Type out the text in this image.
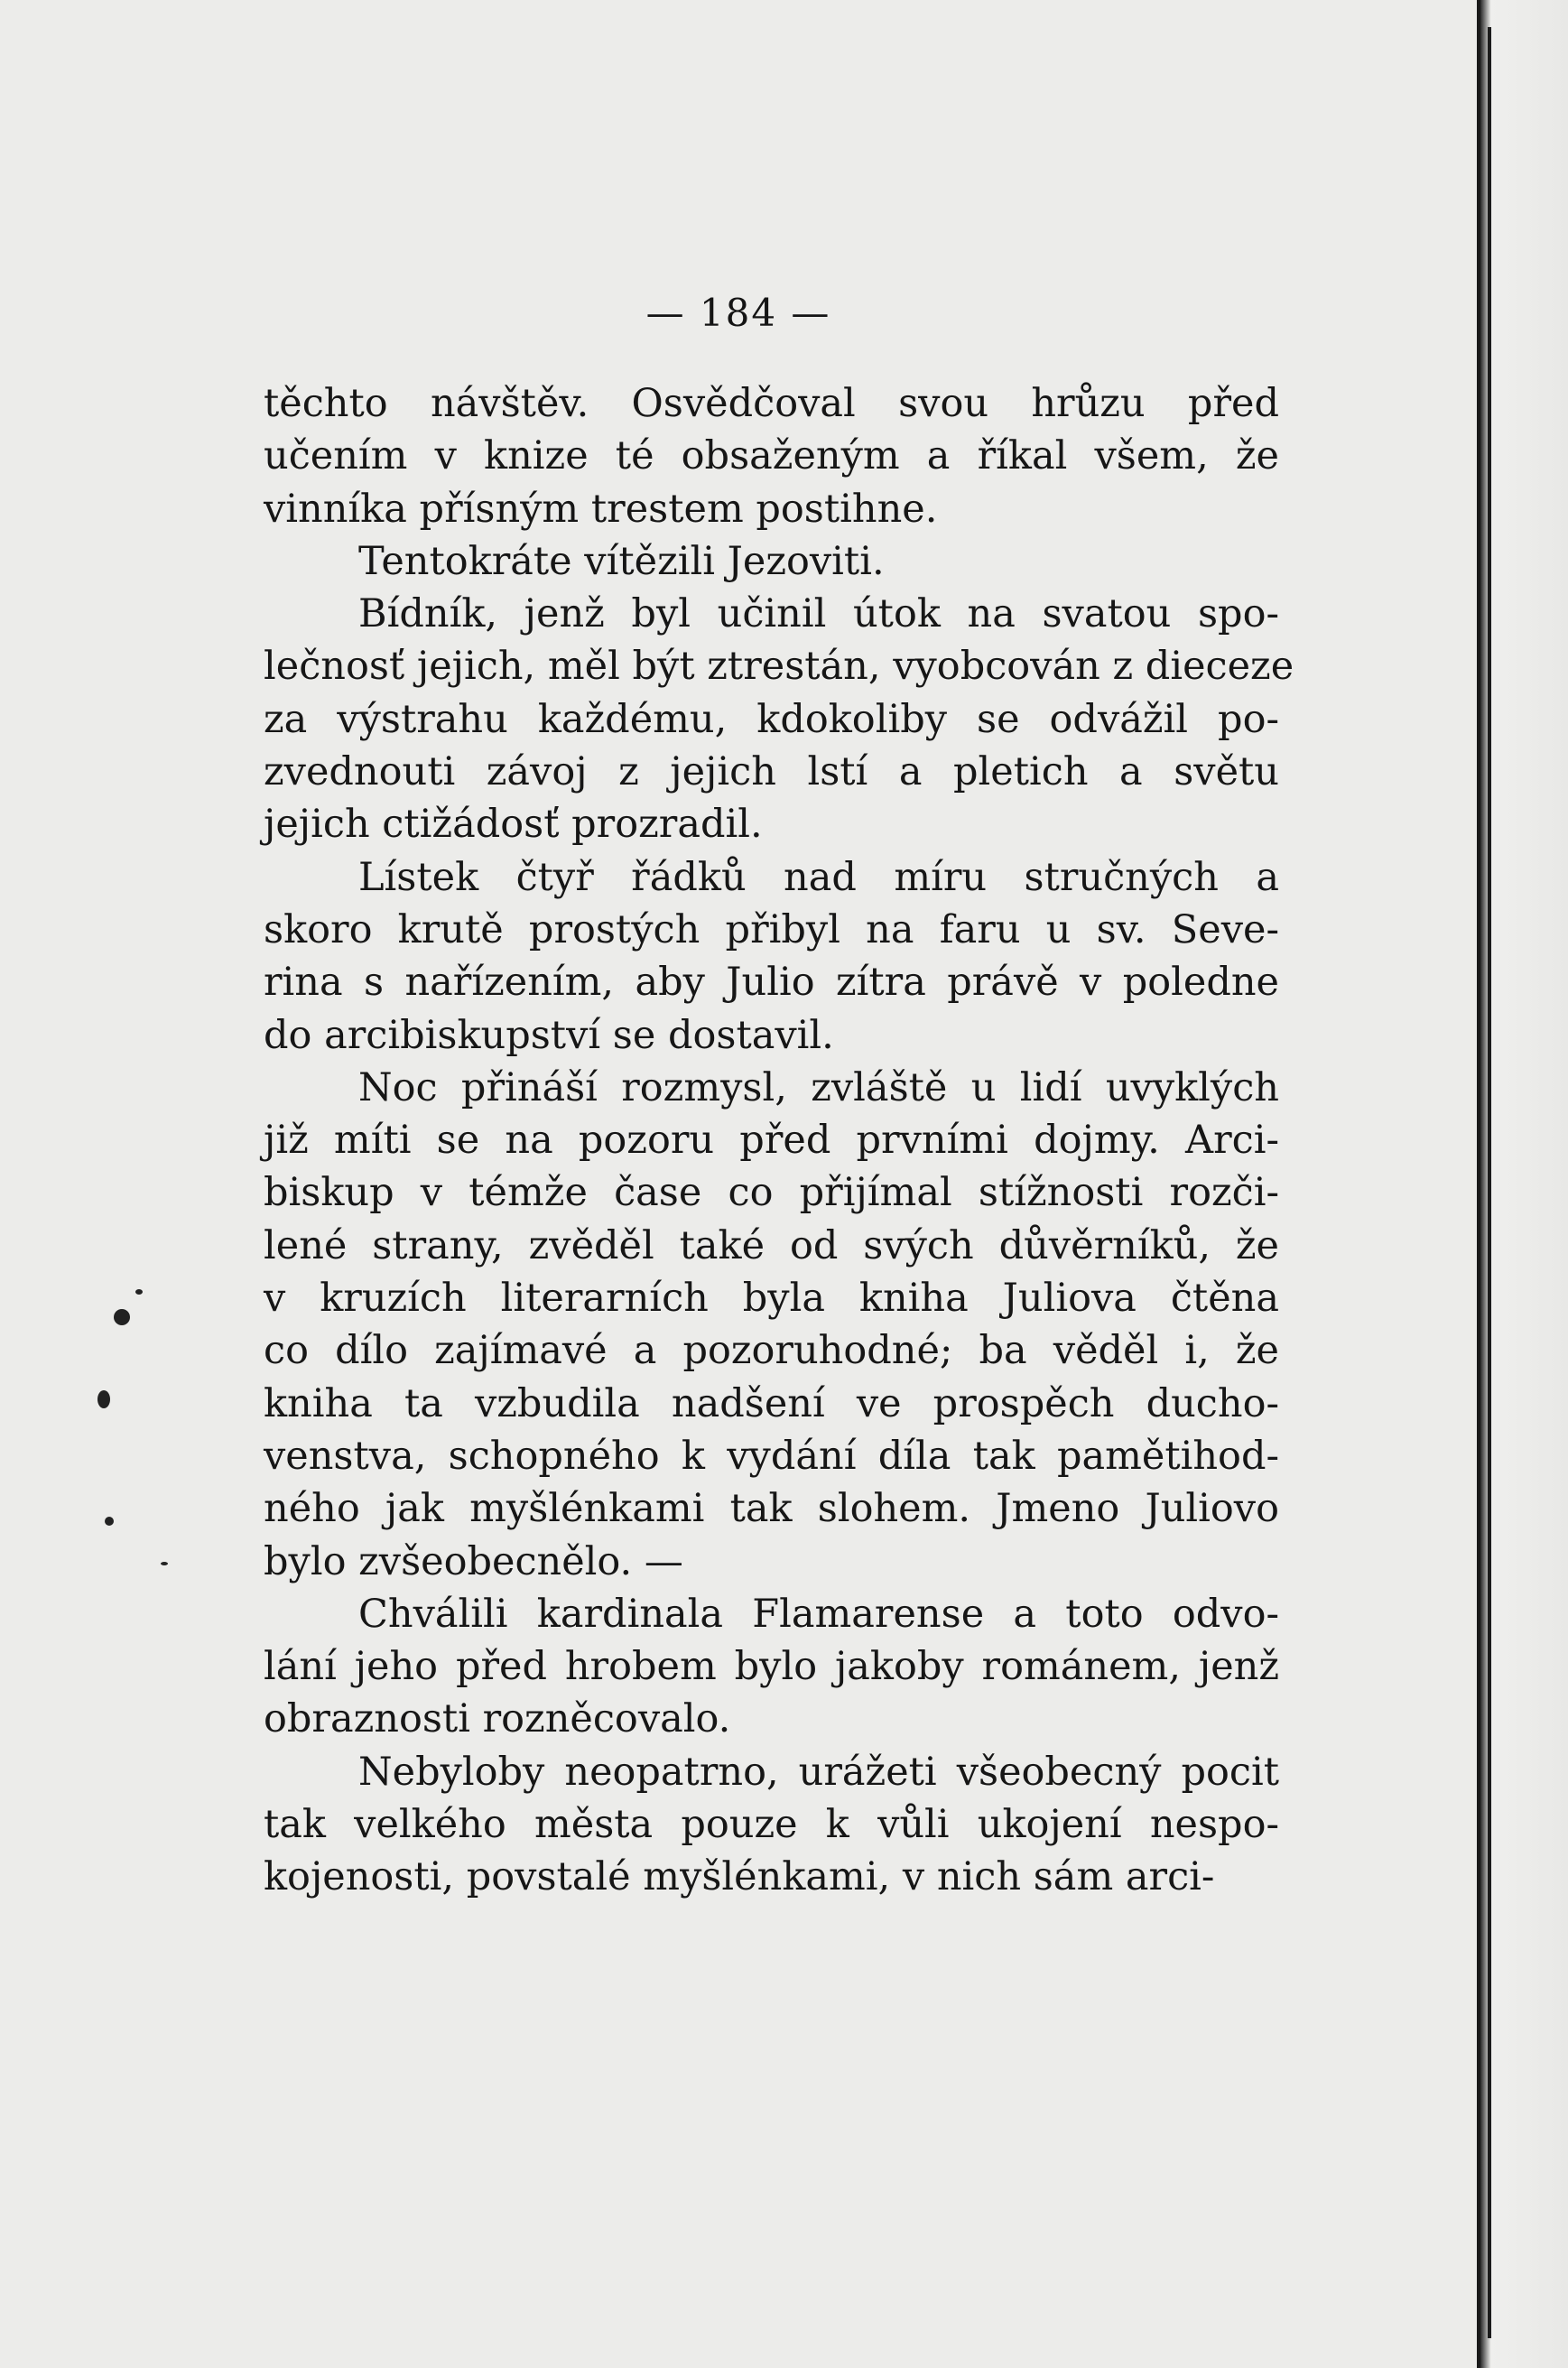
— 184 —
těchto návštěv. Osvědčoval svou hrůzu před
učením v knize té obsaženým a říkal všem, že
vinníka přísným trestem postihne.
Tentokráte vítězili Jezoviti.
Bídník, jenž byl učinil útok na svatou spo-
lečnosť jejich, měl být ztrestán, vyobcován z dieceze
za výstrahu každému, kdokoliby se odvážil po-
zvednouti závoj z jejich lstí a pletich a světu
jejich ctižádosť prozradil.
Lístek čtyř řádků nad míru stručných a
skoro krutě prostých přibyl na faru u sv. Seve-
rina s nařízením, aby Julio zítra právě v poledne
do arcibiskupství se dostavil.
Noc přináší rozmysl, zvláště u lidí uvyklých
již míti se na pozoru před prvními dojmy. Arci-
biskup v témže čase co přijímal stížnosti rozči-
lené strany, zvěděl také od svých důvěrníků, že
v kruzích literarních byla kniha Juliova čtěna
co dílo zajímavé a pozoruhodné; ba věděl i, že
kniha ta vzbudila nadšení ve prospěch ducho-
venstva, schopného k vydání díla tak pamětihod-
ného jak myšlénkami tak slohem. Jmeno Juliovo
bylo zvšeobecnělo. —
Chválili kardinala Flamarense a toto odvo-
lání jeho před hrobem bylo jakoby románem, jenž
obraznosti rozněcovalo.
Nebyloby neopatrno, urážeti všeobecný pocit
tak velkého města pouze k vůli ukojení nespo-
kojenosti, povstalé myšlénkami, v nich sám arci-
